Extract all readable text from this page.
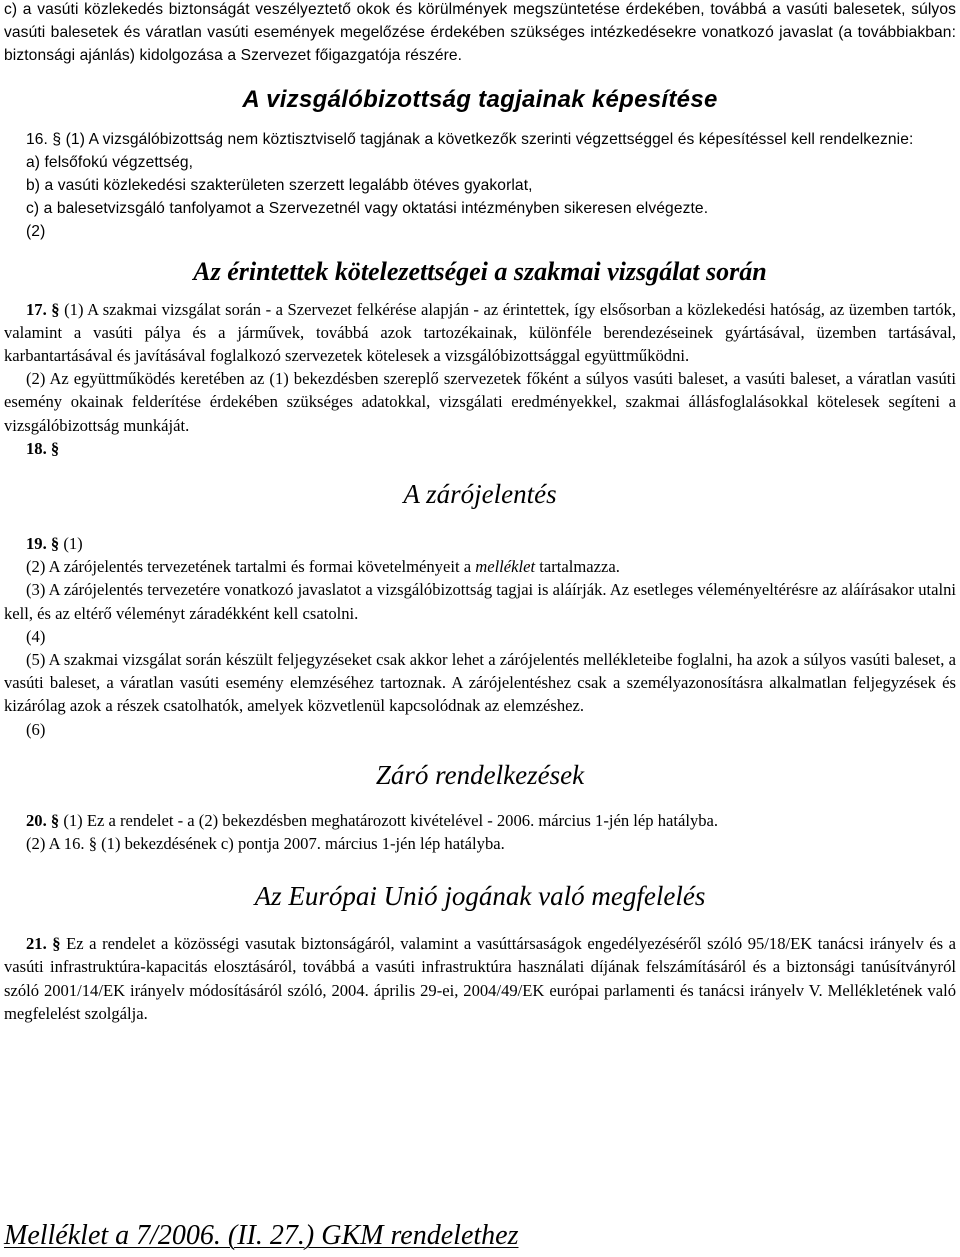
c) a vasúti közlekedés biztonságát veszélyeztető okok és körülmények megszüntetése érdekében, továbbá a vasúti balesetek, súlyos vasúti balesetek és váratlan vasúti események megelőzése érdekében szükséges intézkedésekre vonatkozó javaslat (a továbbiakban: biztonsági ajánlás) kidolgozása a Szervezet főigazgatója részére.

A vizsgálóbizottság tagjainak képesítése

16. § (1) A vizsgálóbizottság nem köztisztviselő tagjának a következők szerinti végzettséggel és képesítéssel kell rendelkeznie:

a) felsőfokú végzettség,

b) a vasúti közlekedési szakterületen szerzett legalább ötéves gyakorlat,

c) a balesetvizsgáló tanfolyamot a Szervezetnél vagy oktatási intézményben sikeresen elvégezte.

(2)

Az érintettek kötelezettségei a szakmai vizsgálat során

17. § (1) A szakmai vizsgálat során - a Szervezet felkérése alapján - az érintettek, így elsősorban a közlekedési hatóság, az üzemben tartók, valamint a vasúti pálya és a járművek, továbbá azok tartozékainak, különféle berendezéseinek gyártásával, üzemben tartásával, karbantartásával és javításával foglalkozó szervezetek kötelesek a vizsgálóbizottsággal együttműködni.

(2) Az együttműködés keretében az (1) bekezdésben szereplő szervezetek főként a súlyos vasúti baleset, a vasúti baleset, a váratlan vasúti esemény okainak felderítése érdekében szükséges adatokkal, vizsgálati eredményekkel, szakmai állásfoglalásokkal kötelesek segíteni a vizsgálóbizottság munkáját.

18. §

A zárójelentés

19. § (1)

(2) A zárójelentés tervezetének tartalmi és formai követelményeit a melléklet tartalmazza.

(3) A zárójelentés tervezetére vonatkozó javaslatot a vizsgálóbizottság tagjai is aláírják. Az esetleges véleményeltérésre az aláírásakor utalni kell, és az eltérő véleményt záradékként kell csatolni.

(4)

(5) A szakmai vizsgálat során készült feljegyzéseket csak akkor lehet a zárójelentés mellékleteibe foglalni, ha azok a súlyos vasúti baleset, a vasúti baleset, a váratlan vasúti esemény elemzéséhez tartoznak. A zárójelentéshez csak a személyazonosításra alkalmatlan feljegyzések és kizárólag azok a részek csatolhatók, amelyek közvetlenül kapcsolódnak az elemzéshez.

(6)

Záró rendelkezések

20. § (1) Ez a rendelet - a (2) bekezdésben meghatározott kivételével - 2006. március 1-jén lép hatályba.

(2) A 16. § (1) bekezdésének c) pontja 2007. március 1-jén lép hatályba.

Az Európai Unió jogának való megfelelés

21. § Ez a rendelet a közösségi vasutak biztonságáról, valamint a vasúttársaságok engedélyezéséről szóló 95/18/EK tanácsi irányelv és a vasúti infrastruktúra-kapacitás elosztásáról, továbbá a vasúti infrastruktúra használati díjának felszámításáról és a biztonsági tanúsítványról szóló 2001/14/EK irányelv módosításáról szóló, 2004. április 29-ei, 2004/49/EK európai parlamenti és tanácsi irányelv V. Mellékletének való megfelelést szolgálja.

Melléklet a 7/2006. (II. 27.) GKM rendelethez
